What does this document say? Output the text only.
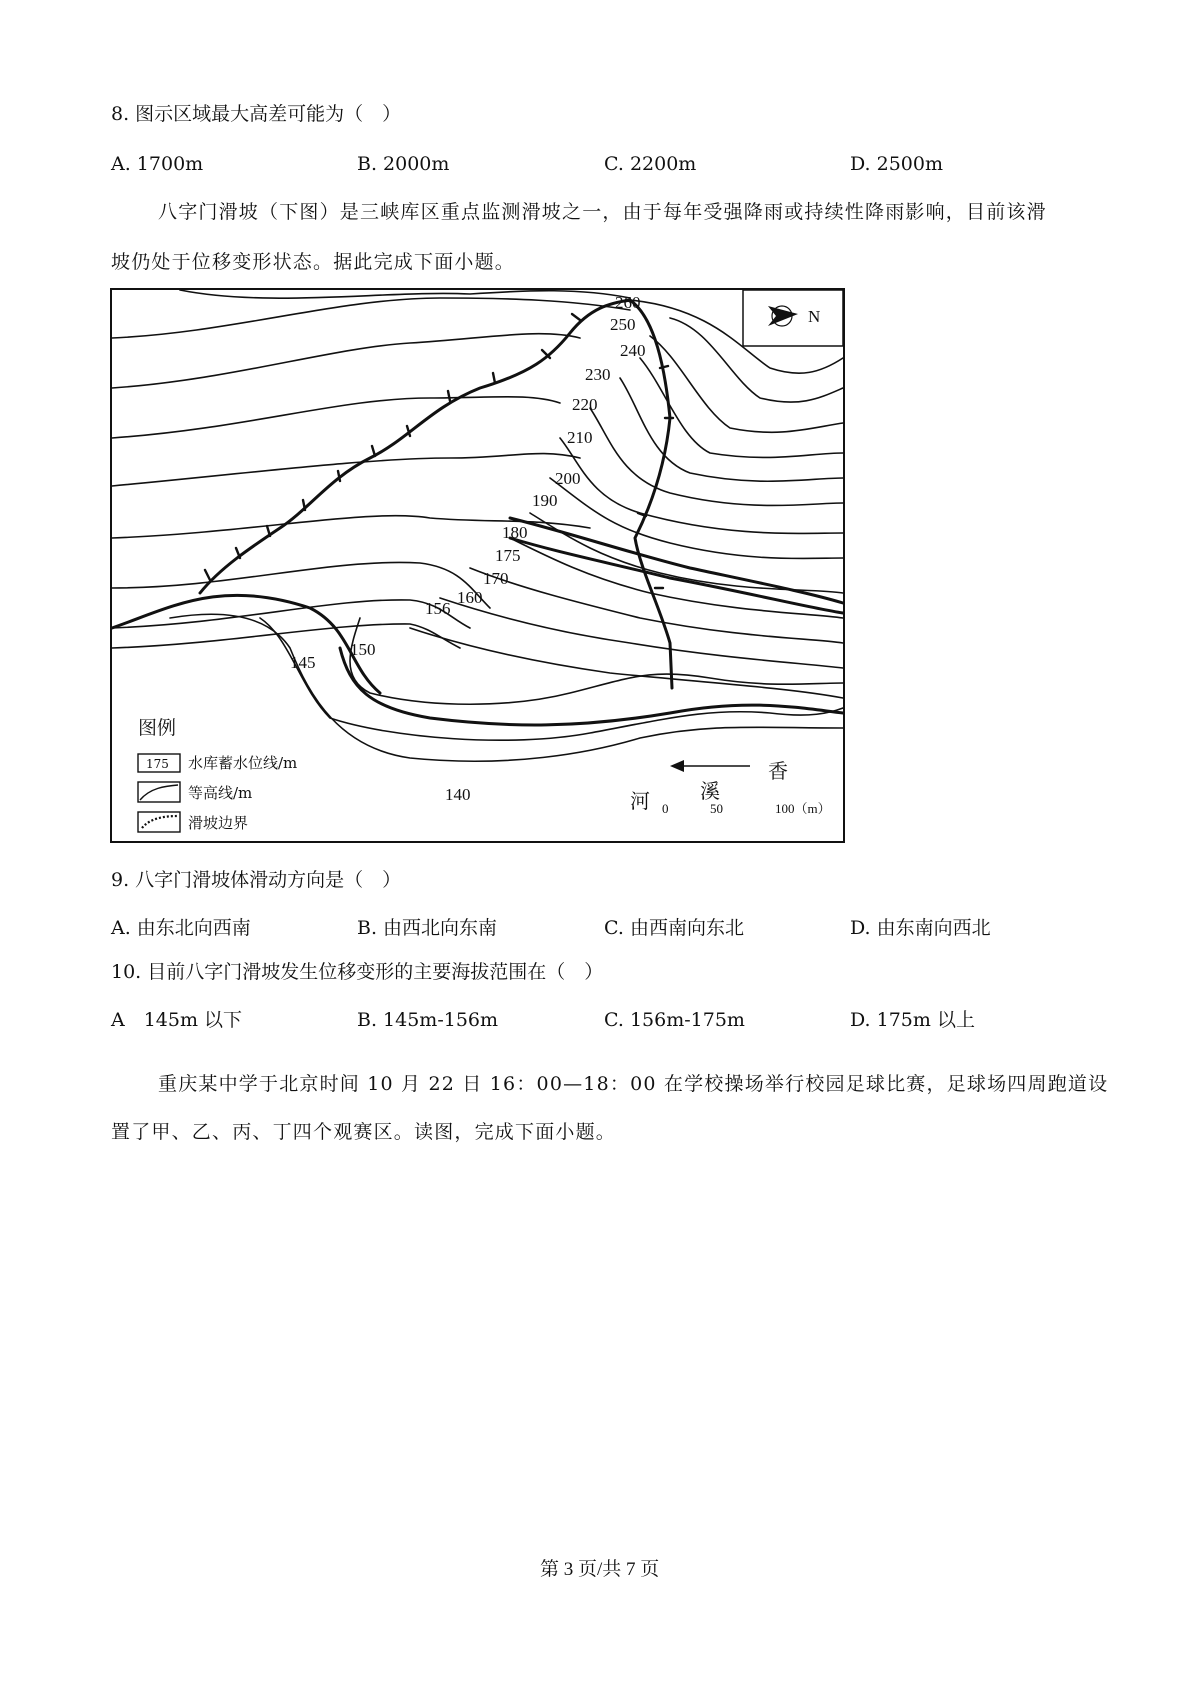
8. 图示区域最大高差可能为（　）
A. 1700m	B. 2000m	C. 2200m	D. 2500m
八字门滑坡（下图）是三峡库区重点监测滑坡之一，由于每年受强降雨或持续性降雨影响，目前该滑
坡仍处于位移变形状态。据此完成下面小题。
260
250
240
230
220
210
200
190
180
175
170
160
156
150
145
140
N
图例
175 水库蓄水位线/m
等高线/m
滑坡边界
香
溪
河 0	50	100（m）
9. 八字门滑坡体滑动方向是（　）
A. 由东北向西南	B. 由西北向东南	C. 由西南向东北	D. 由东南向西北
10. 目前八字门滑坡发生位移变形的主要海拔范围在（　）
A　145m 以下	B. 145m-156m	C. 156m-175m	D. 175m 以上
重庆某中学于北京时间 10 月 22 日 16：00—18：00 在学校操场举行校园足球比赛，足球场四周跑道设
置了甲、乙、丙、丁四个观赛区。读图，完成下面小题。
第 3 页/共 7 页
